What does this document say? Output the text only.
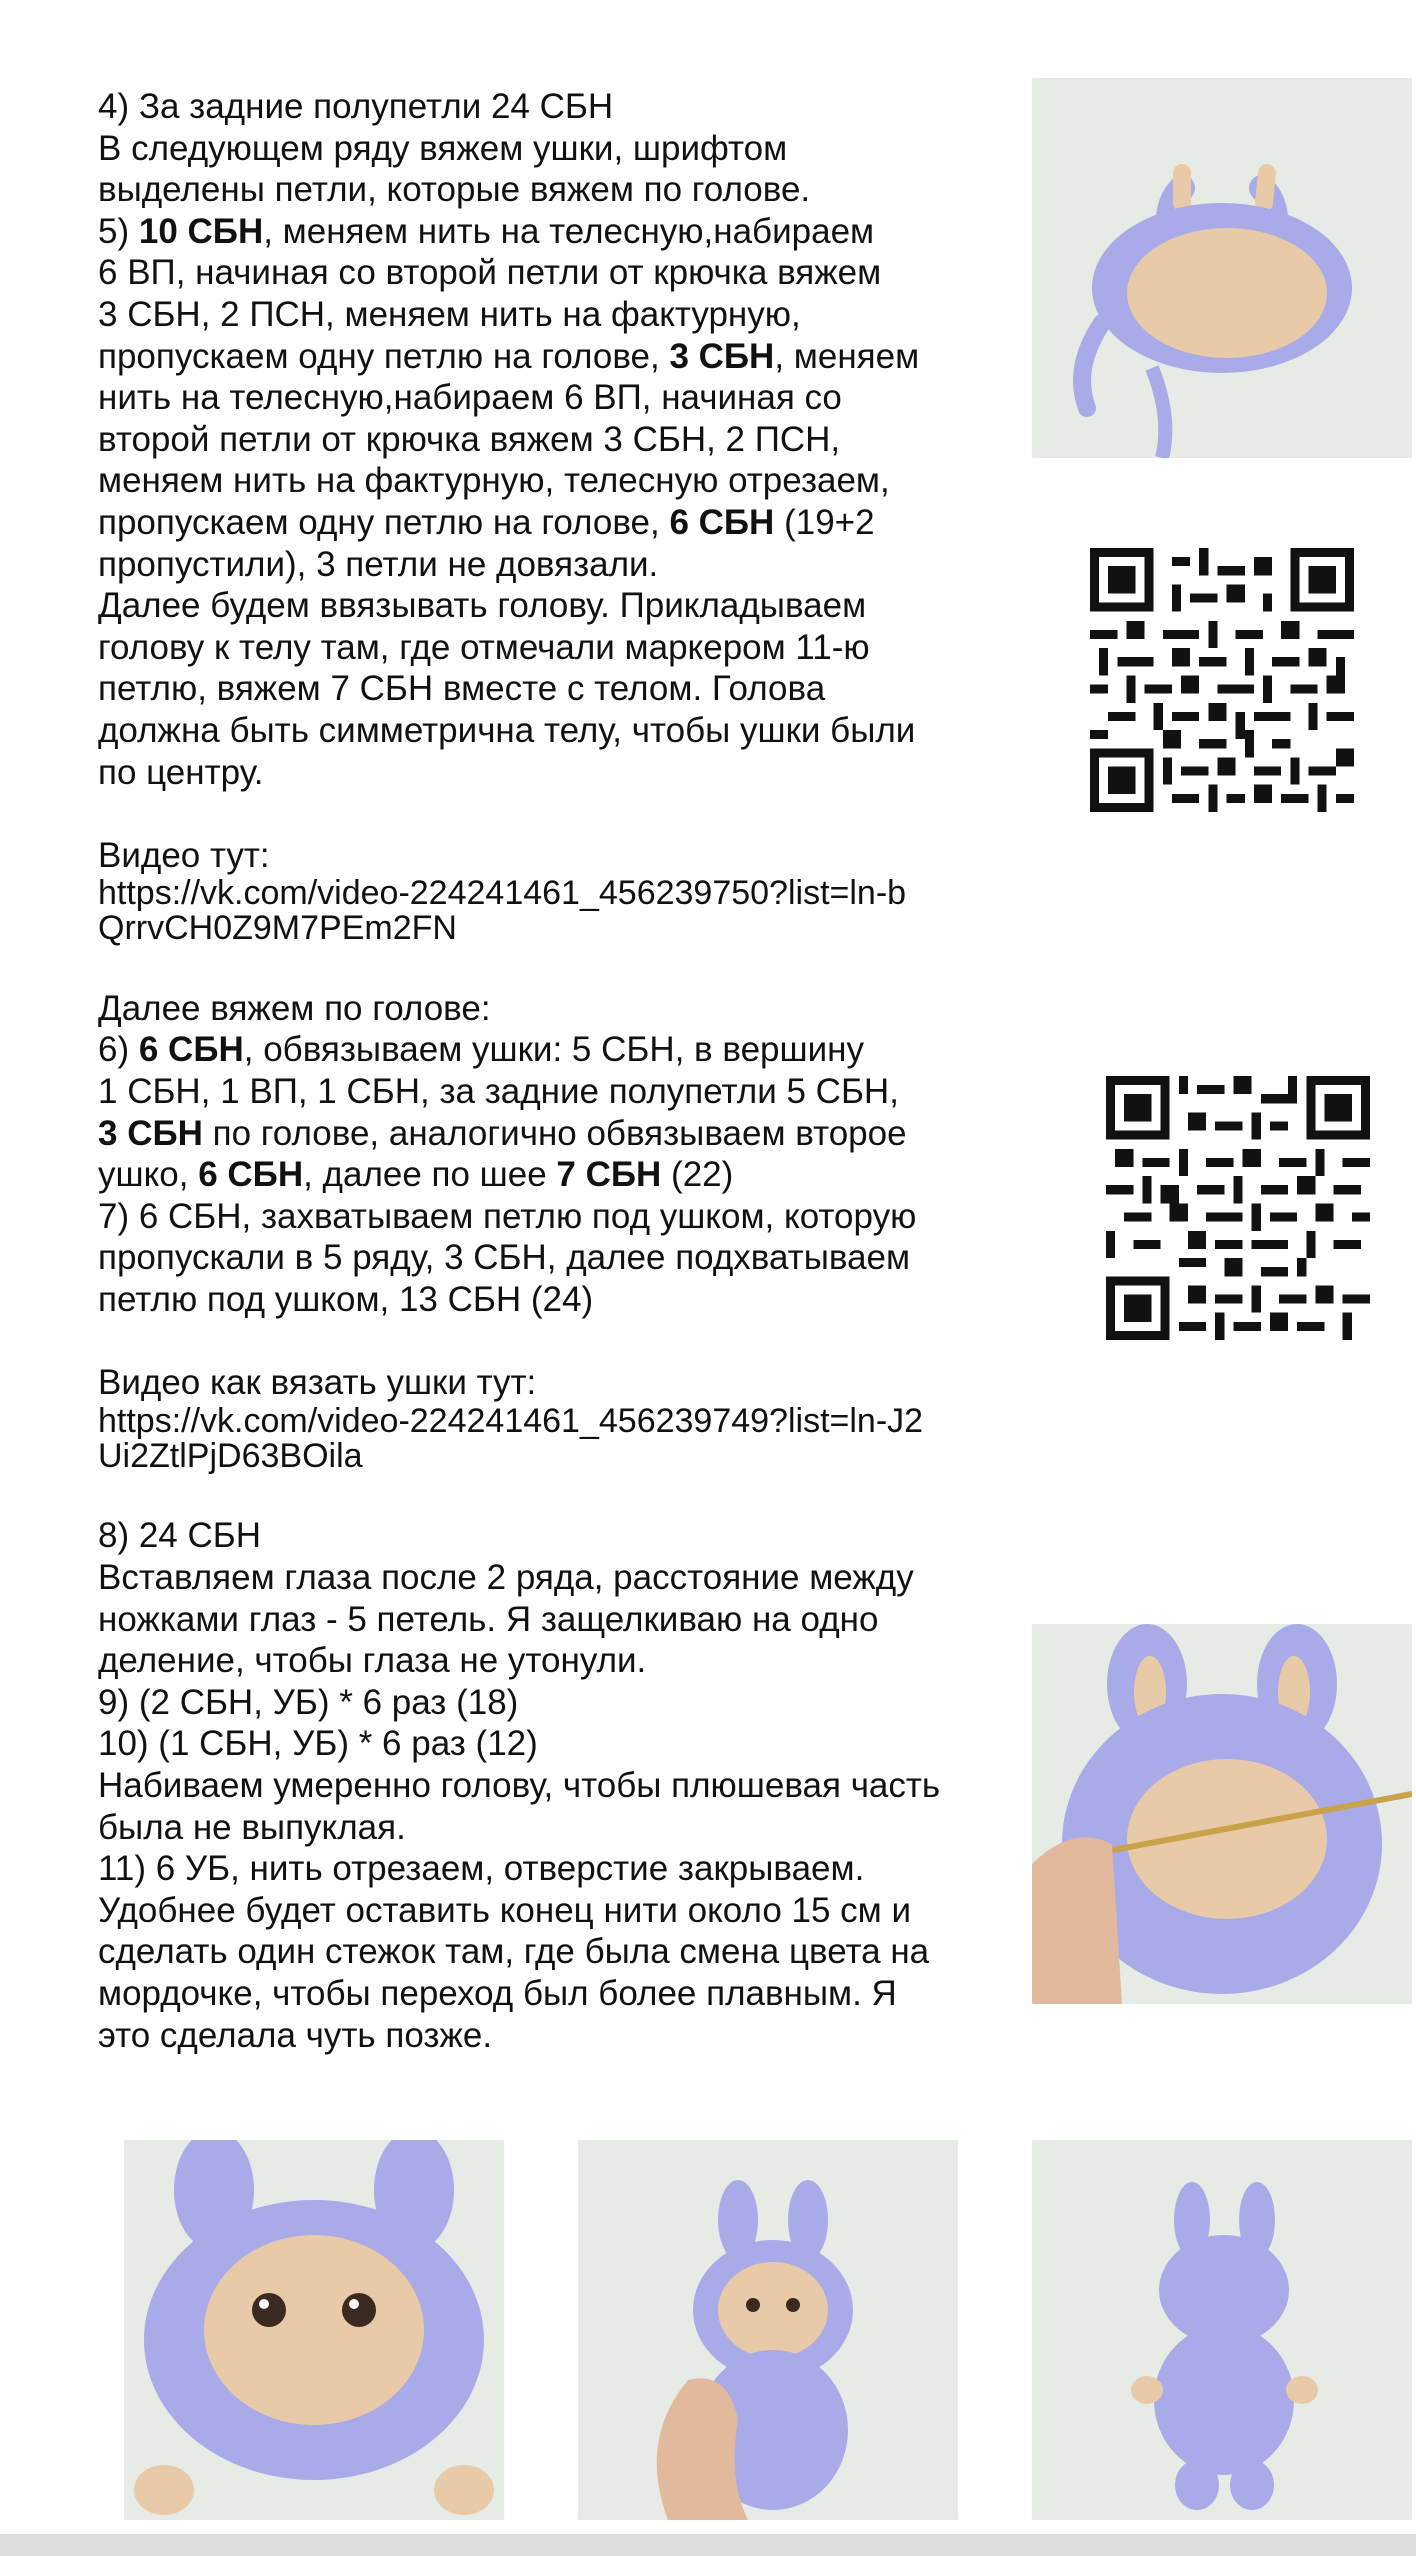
4) За задние полупетли 24 СБН

В следующем ряду вяжем ушки, шрифтом

выделены петли, которые вяжем по голове.

5) 10 СБН, меняем нить на телесную,набираем

6 ВП, начиная со второй петли от крючка вяжем

3 СБН, 2 ПСН, меняем нить на фактурную,

пропускаем одну петлю на голове, 3 СБН, меняем

нить на телесную,набираем 6 ВП, начиная со

второй петли от крючка вяжем 3 СБН, 2 ПСН,

меняем нить на фактурную, телесную отрезаем,

пропускаем одну петлю на голове, 6 СБН (19+2

пропустили), 3 петли не довязали.

Далее будем ввязывать голову. Прикладываем

голову к телу там, где отмечали маркером 11-ю

петлю, вяжем 7 СБН вместе с телом. Голова

должна быть симметрична телу, чтобы ушки были

по центру.

Видео тут:

https://vk.com/video-224241461_456239750?list=ln-b
QrrvCH0Z9M7PEm2FN

Далее вяжем по голове:

6) 6 СБН, обвязываем ушки: 5 СБН, в вершину

1 СБН, 1 ВП, 1 СБН, за задние полупетли 5 СБН,

3 СБН по голове, аналогично обвязываем второе

ушко, 6 СБН, далее по шее 7 СБН (22)

7) 6 СБН, захватываем петлю под ушком, которую

пропускали в 5 ряду, 3 СБН, далее подхватываем

петлю под ушком, 13 СБН (24)

Видео как вязать ушки тут:

https://vk.com/video-224241461_456239749?list=ln-J2
Ui2ZtlPjD63BOila

8) 24 СБН

Вставляем глаза после 2 ряда, расстояние между

ножками глаз - 5 петель. Я защелкиваю на одно

деление, чтобы глаза не утонули.

9) (2 СБН, УБ) * 6 раз (18)

10) (1 СБН, УБ) * 6 раз (12)

Набиваем умеренно голову, чтобы плюшевая часть

была не выпуклая.

11) 6 УБ, нить отрезаем, отверстие закрываем.

Удобнее будет оставить конец нити около 15 см и

сделать один стежок там, где была смена цвета на

мордочке, чтобы переход был более плавным. Я

это сделала чуть позже.
